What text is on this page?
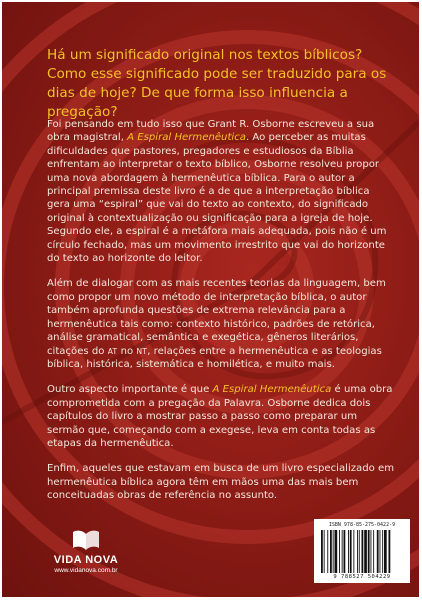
Há um significado original nos textos bíblicos? Como esse significado pode ser traduzido para os dias de hoje? De que forma isso influencia a pregação?

Foi pensando em tudo isso que Grant R. Osborne escreveu a sua obra magistral, A Espiral Hermenêutica. Ao perceber as muitas dificuldades que pastores, pregadores e estudiosos da Bíblia enfrentam ao interpretar o texto bíblico, Osborne resolveu propor uma nova abordagem à hermenêutica bíblica. Para o autor a principal premissa deste livro é a de que a interpretação bíblica gera uma “espiral” que vai do texto ao contexto, do significado original à contextualização ou significação para a igreja de hoje. Segundo ele, a espiral é a metáfora mais adequada, pois não é um círculo fechado, mas um movimento irrestrito que vai do horizonte do texto ao horizonte do leitor.

Além de dialogar com as mais recentes teorias da linguagem, bem como propor um novo método de interpretação bíblica, o autor também aprofunda questões de extrema relevância para a hermenêutica tais como: contexto histórico, padrões de retórica, análise gramatical, semântica e exegética, gêneros literários, citações do AT no NT, relações entre a hermenêutica e as teologias bíblica, histórica, sistemática e homilética, e muito mais.

Outro aspecto importante é que A Espiral Hermenêutica é uma obra comprometida com a pregação da Palavra. Osborne dedica dois capítulos do livro a mostrar passo a passo como preparar um sermão que, começando com a exegese, leva em conta todas as etapas da hermenêutica.

Enfim, aqueles que estavam em busca de um livro especializado em hermenêutica bíblica agora têm em mãos uma das mais bem conceituadas obras de referência no assunto.

VIDA NOVA
www.vidanova.com.br
ISBN 978-85-275-0422-9
9 788527 504229
